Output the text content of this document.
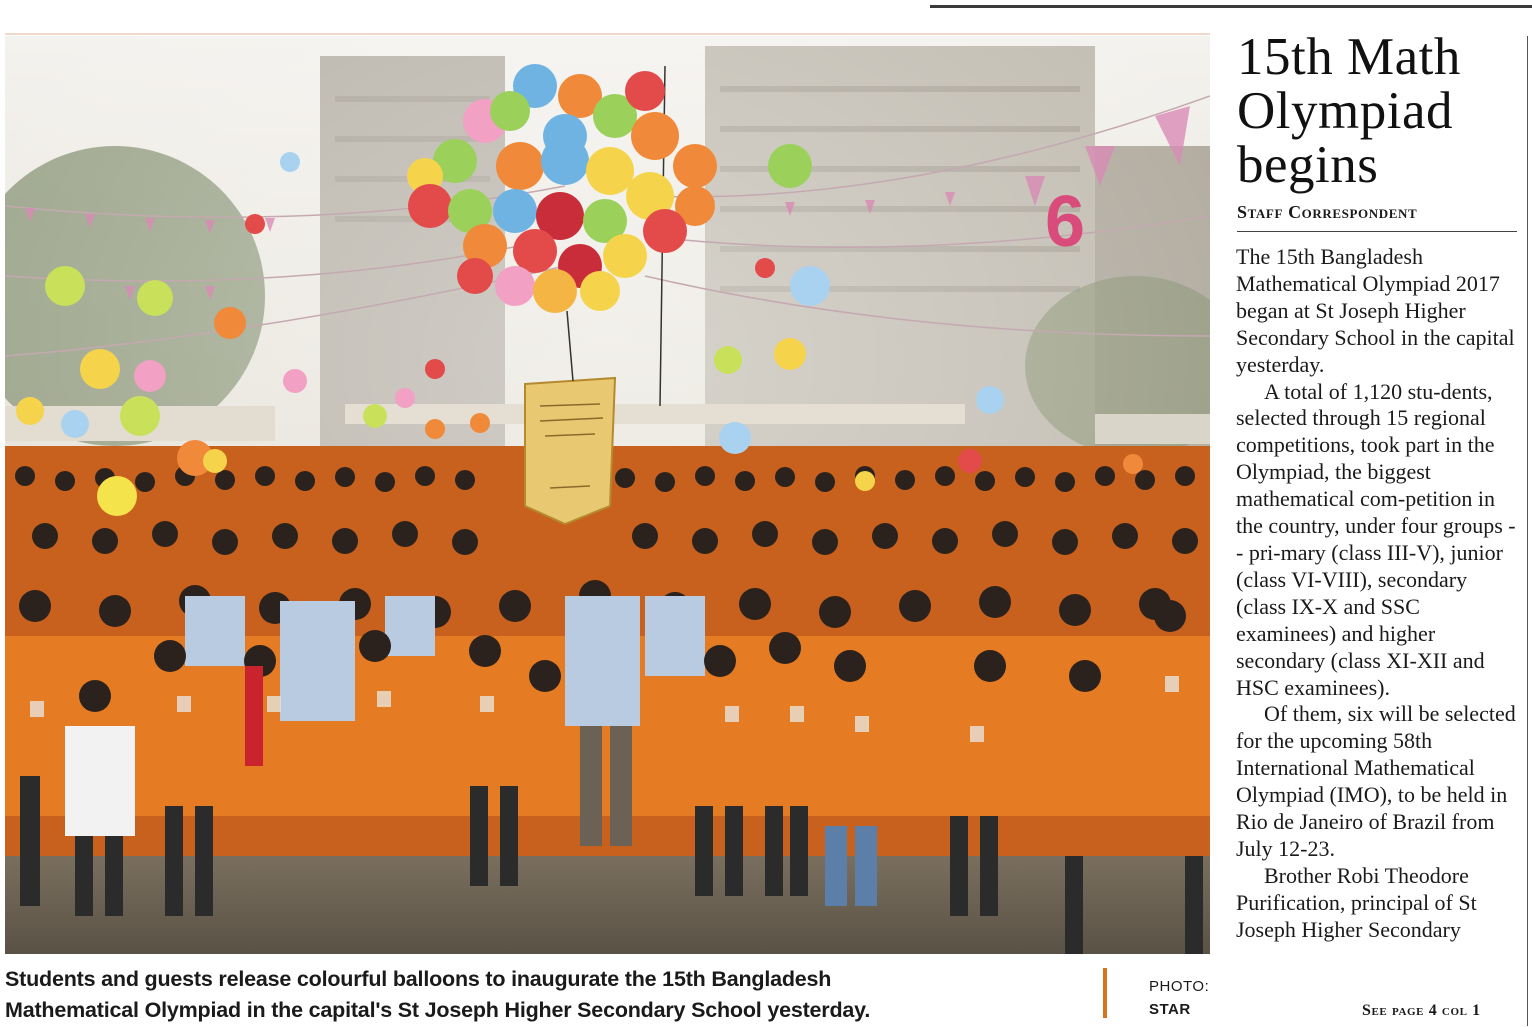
6
Students and guests release colourful balloons to inaugurate the 15th Bangladesh
Mathematical Olympiad in the capital's St Joseph Higher Secondary School yesterday.
PHOTO:
STAR
15th Math
Olympiad
begins
Staff Correspondent

The 15th Bangladesh Mathematical Olympiad 2017 began at St Joseph Higher Secondary School in the capital yesterday.

A total of 1,120 stu-dents, selected through 15 regional competitions, took part in the Olympiad, the biggest mathematical com-petition in the country, under four groups -- pri-mary (class III-V), junior (class VI-VIII), secondary (class IX-X and SSC examinees) and higher secondary (class XI-XII and HSC examinees).

Of them, six will be selected for the upcoming 58th International Mathematical Olympiad (IMO), to be held in Rio de Janeiro of Brazil from July 12-23.

Brother Robi Theodore Purification, principal of St Joseph Higher Secondary

See page 4 col 1
